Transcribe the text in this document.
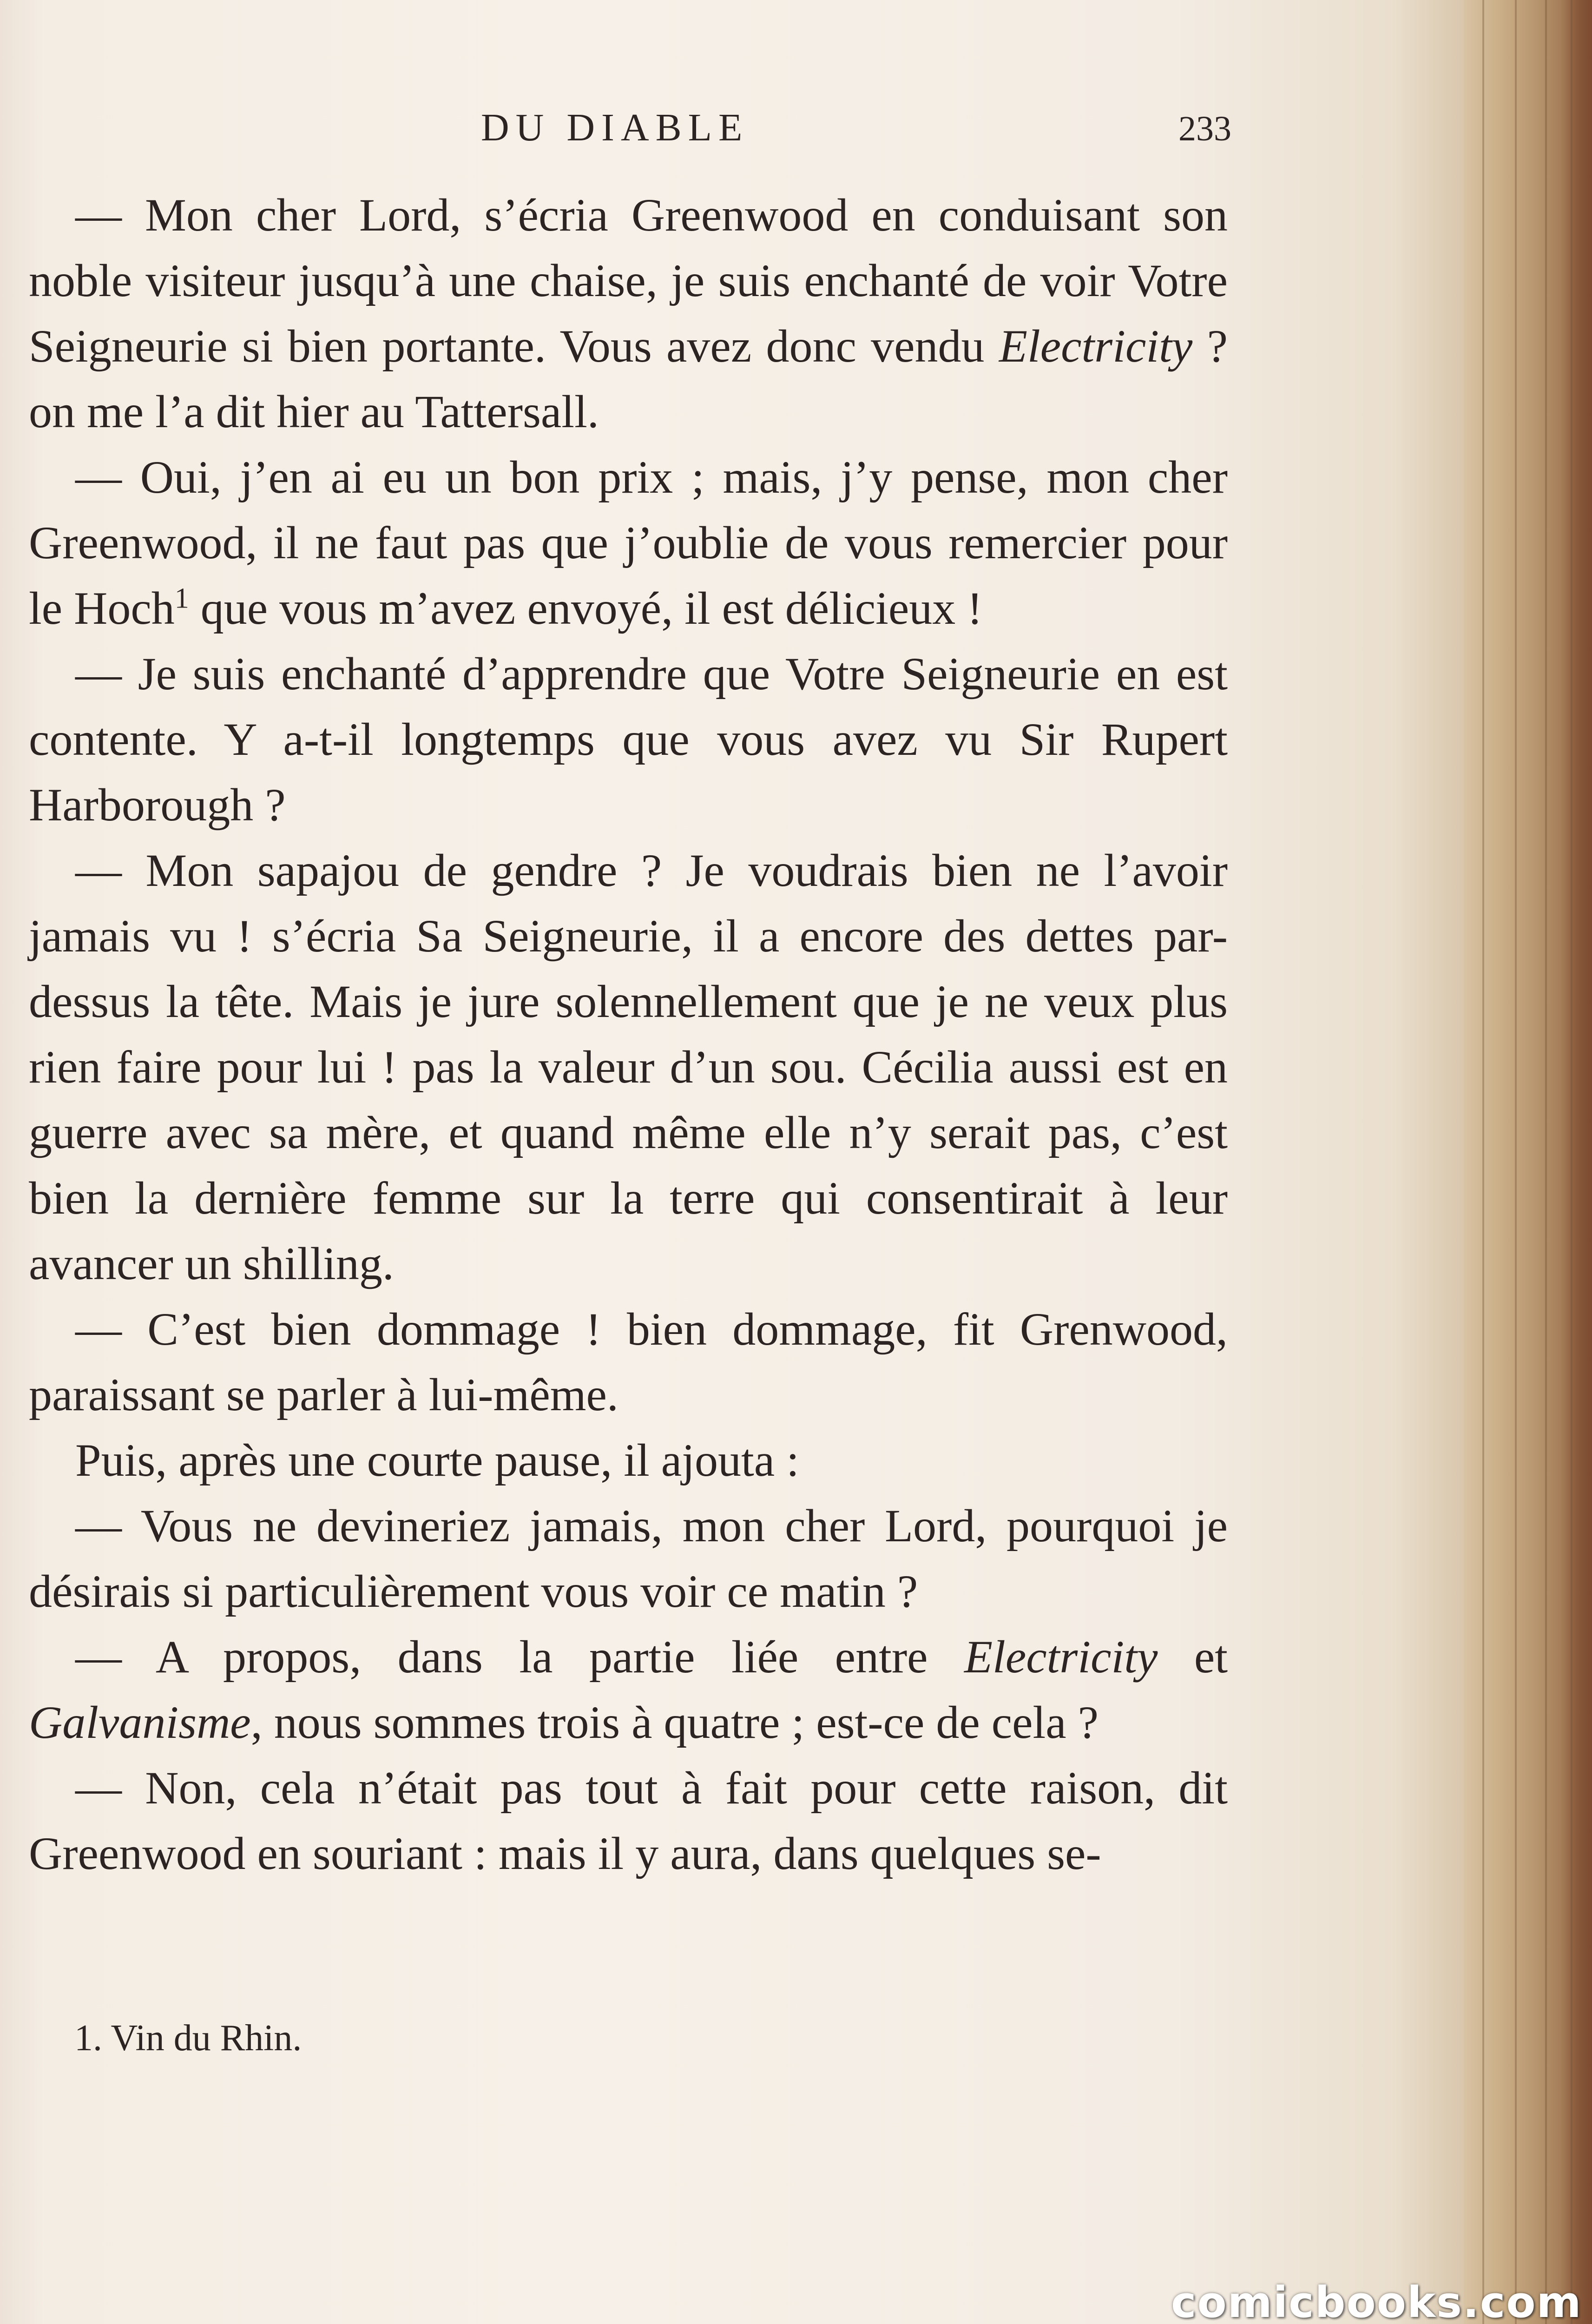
DU DIABLE	233

— Mon cher Lord, s’écria Greenwood en conduisant son noble visiteur jusqu’à une chaise, je suis enchanté de voir Votre Seigneurie si bien portante. Vous avez donc vendu Electricity ? on me l’a dit hier au Tattersall.

— Oui, j’en ai eu un bon prix ; mais, j’y pense, mon cher Greenwood, il ne faut pas que j’oublie de vous remercier pour le Hoch$^1$ que vous m’avez envoyé, il est délicieux !

— Je suis enchanté d’apprendre que Votre Seigneurie en est contente. Y a-t-il longtemps que vous avez vu Sir Rupert Harborough ?

— Mon sapajou de gendre ? Je voudrais bien ne l’avoir jamais vu ! s’écria Sa Seigneurie, il a encore des dettes par-dessus la tête. Mais je jure solennellement que je ne veux plus rien faire pour lui ! pas la valeur d’un sou. Cécilia aussi est en guerre avec sa mère, et quand même elle n’y serait pas, c’est bien la dernière femme sur la terre qui consentirait à leur avancer un shilling.

— C’est bien dommage ! bien dommage, fit Grenwood, paraissant se parler à lui-même.

Puis, après une courte pause, il ajouta :

— Vous ne devineriez jamais, mon cher Lord, pourquoi je désirais si particulièrement vous voir ce matin ?

— A propos, dans la partie liée entre Electricity et Galvanisme, nous sommes trois à quatre ; est-ce de cela ?

— Non, cela n’était pas tout à fait pour cette raison, dit Greenwood en souriant : mais il y aura, dans quelques se-

1. Vin du Rhin.
comicbooks.com
